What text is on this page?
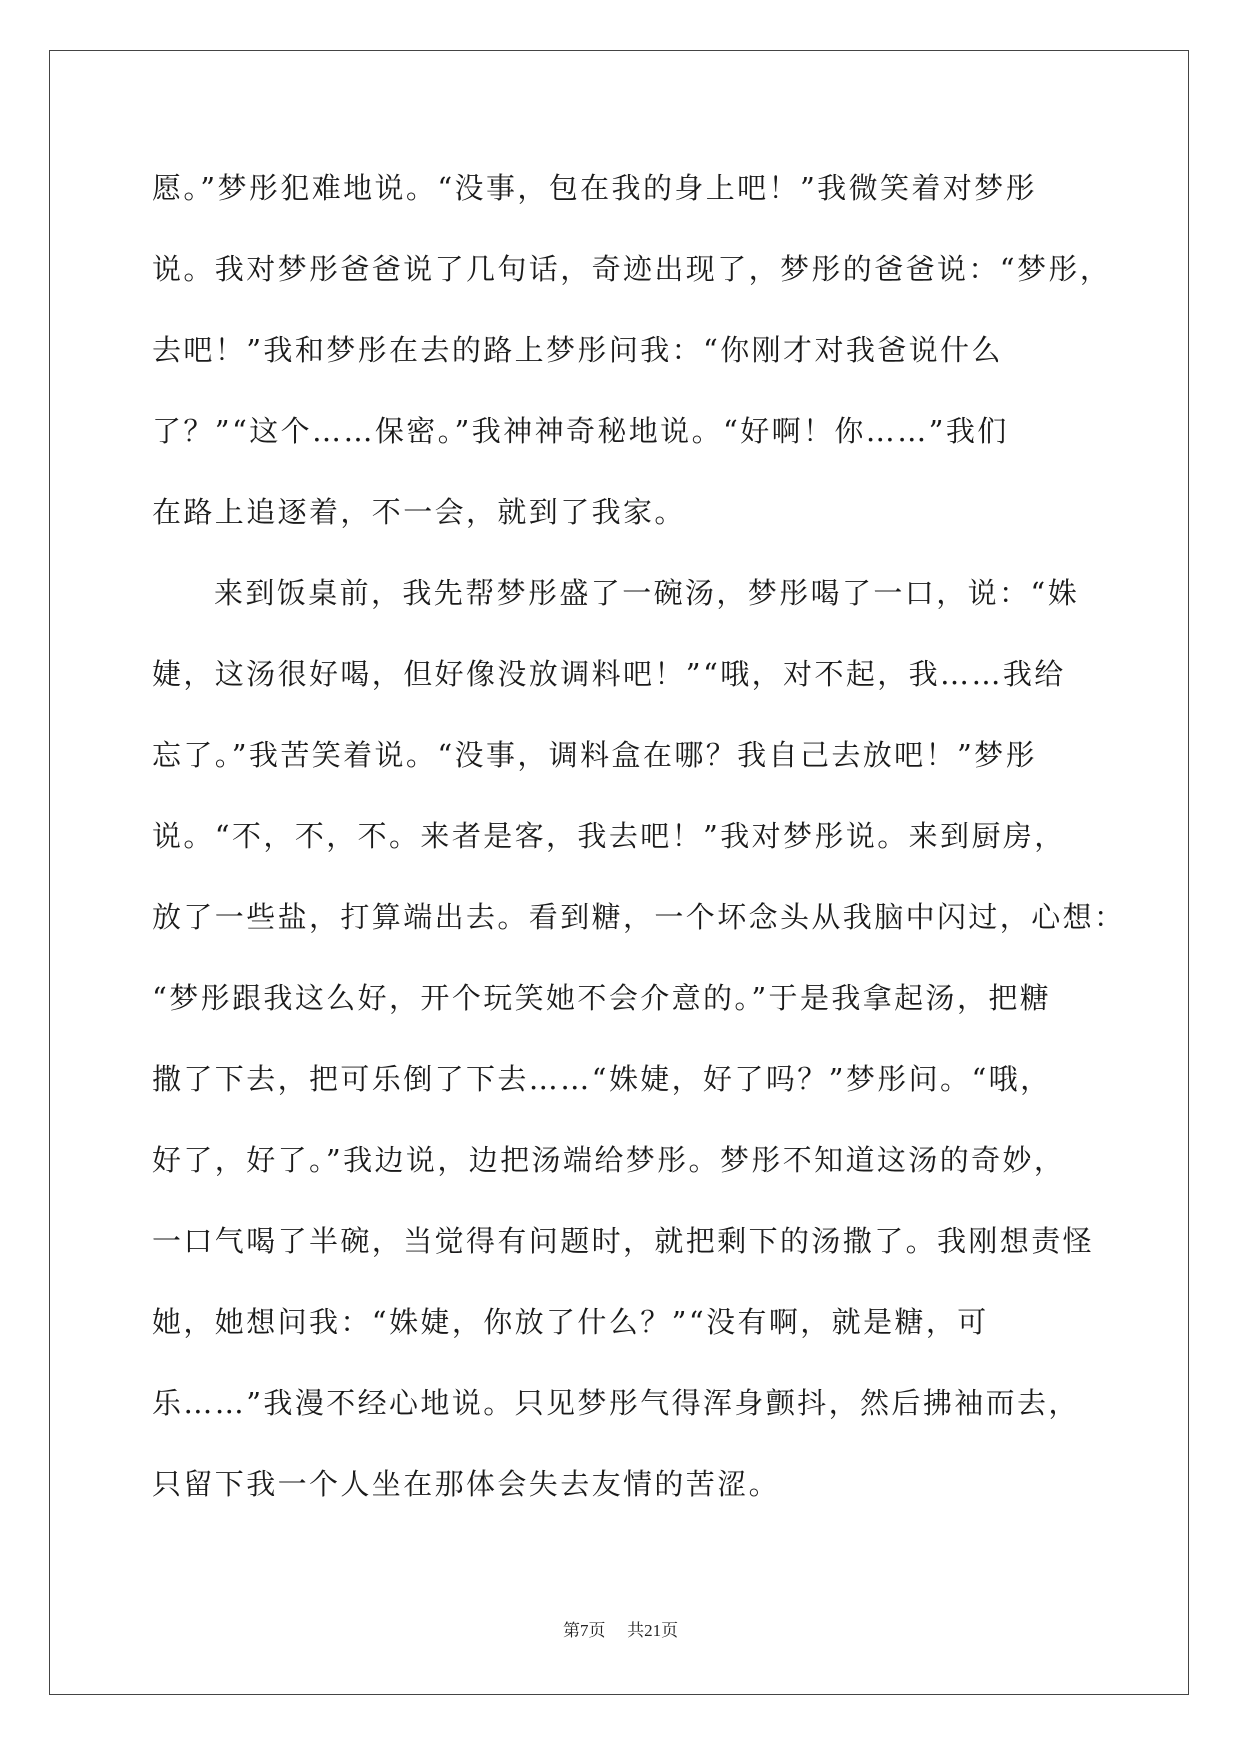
愿。”梦彤犯难地说。“没事，包在我的身上吧！”我微笑着对梦彤
说。我对梦彤爸爸说了几句话，奇迹出现了，梦彤的爸爸说：“梦彤，
去吧！”我和梦彤在去的路上梦彤问我：“你刚才对我爸说什么
了？”“这个……保密。”我神神奇秘地说。“好啊！你……”我们
在路上追逐着，不一会，就到了我家。
来到饭桌前，我先帮梦彤盛了一碗汤，梦彤喝了一口，说：“姝
婕，这汤很好喝，但好像没放调料吧！”“哦，对不起，我……我给
忘了。”我苦笑着说。“没事，调料盒在哪？我自己去放吧！”梦彤
说。“不，不，不。来者是客，我去吧！”我对梦彤说。来到厨房，
放了一些盐，打算端出去。看到糖，一个坏念头从我脑中闪过，心想：
“梦彤跟我这么好，开个玩笑她不会介意的。”于是我拿起汤，把糖
撒了下去，把可乐倒了下去……“姝婕，好了吗？”梦彤问。“哦，
好了，好了。”我边说，边把汤端给梦彤。梦彤不知道这汤的奇妙，
一口气喝了半碗，当觉得有问题时，就把剩下的汤撒了。我刚想责怪
她，她想问我：“姝婕，你放了什么？”“没有啊，就是糖，可
乐……”我漫不经心地说。只见梦彤气得浑身颤抖，然后拂袖而去，
只留下我一个人坐在那体会失去友情的苦涩。
第7页 共21页
